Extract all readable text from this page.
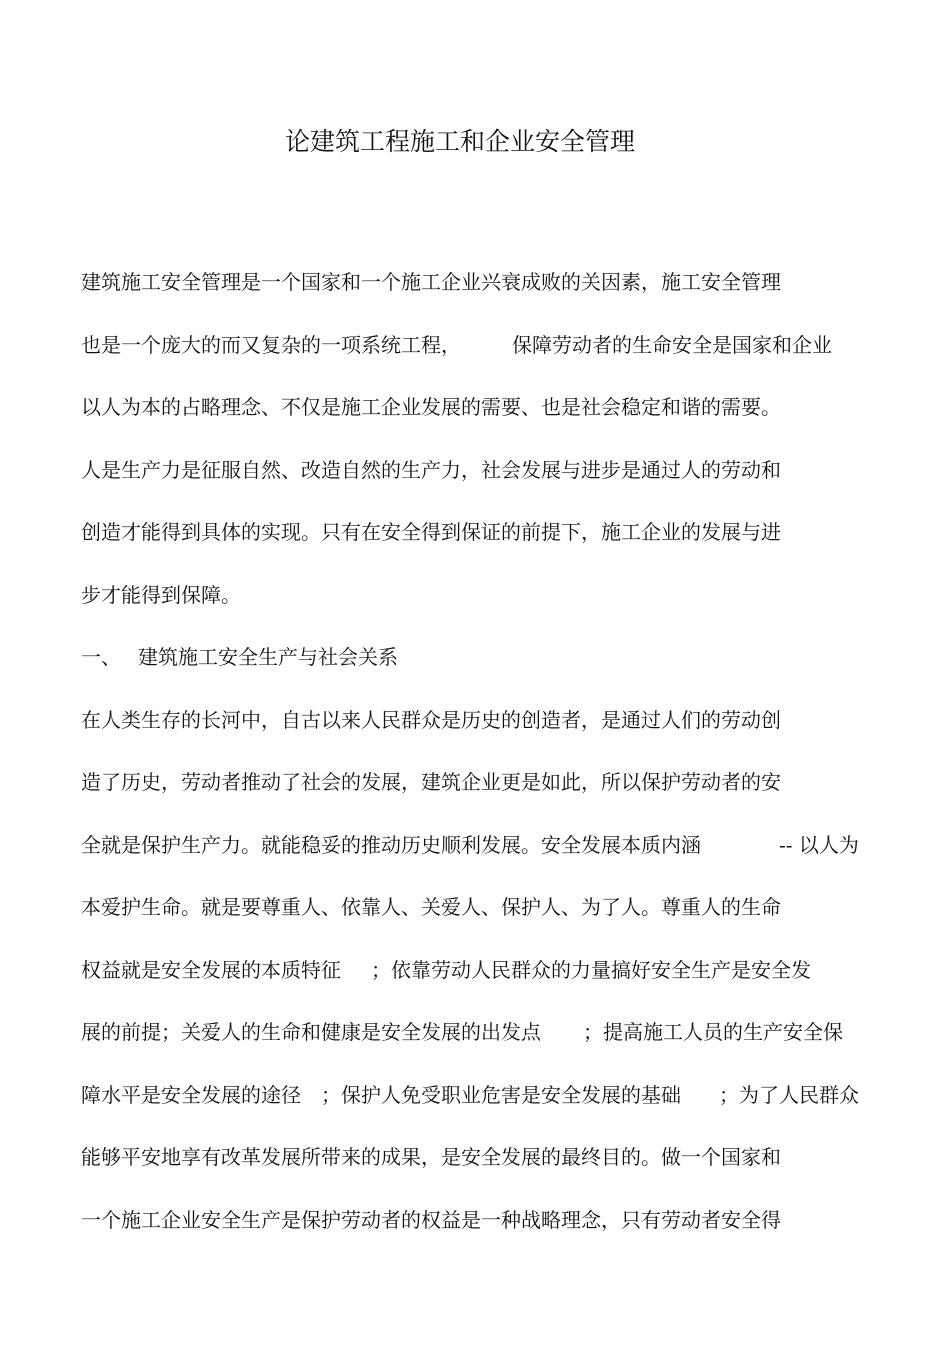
论建筑工程施工和企业安全管理
建筑施工安全管理是一个国家和一个施工企业兴衰成败的关因素，施工安全管理
也是一个庞大的而又复杂的一项系统工程，	保障劳动者的生命安全是国家和企业
以人为本的占略理念、不仅是施工企业发展的需要、也是社会稳定和谐的需要。
人是生产力是征服自然、改造自然的生产力，社会发展与进步是通过人的劳动和
创造才能得到具体的实现。只有在安全得到保证的前提下，施工企业的发展与进
步才能得到保障。
一、 建筑施工安全生产与社会关系
在人类生存的长河中，自古以来人民群众是历史的创造者，是通过人们的劳动创
造了历史，劳动者推动了社会的发展，建筑企业更是如此，所以保护劳动者的安
全就是保护生产力。就能稳妥的推动历史顺利发展。安全发展本质内涵	-- 以人为
本爱护生命。就是要尊重人、依靠人、关爱人、保护人、为了人。尊重人的生命
权益就是安全发展的本质特征 ；依靠劳动人民群众的力量搞好安全生产是安全发
展的前提；关爱人的生命和健康是安全发展的出发点 ；提高施工人员的生产安全保
障水平是安全发展的途径 ；保护人免受职业危害是安全发展的基础 ；为了人民群众
能够平安地享有改革发展所带来的成果，是安全发展的最终目的。做一个国家和
一个施工企业安全生产是保护劳动者的权益是一种战略理念，只有劳动者安全得
